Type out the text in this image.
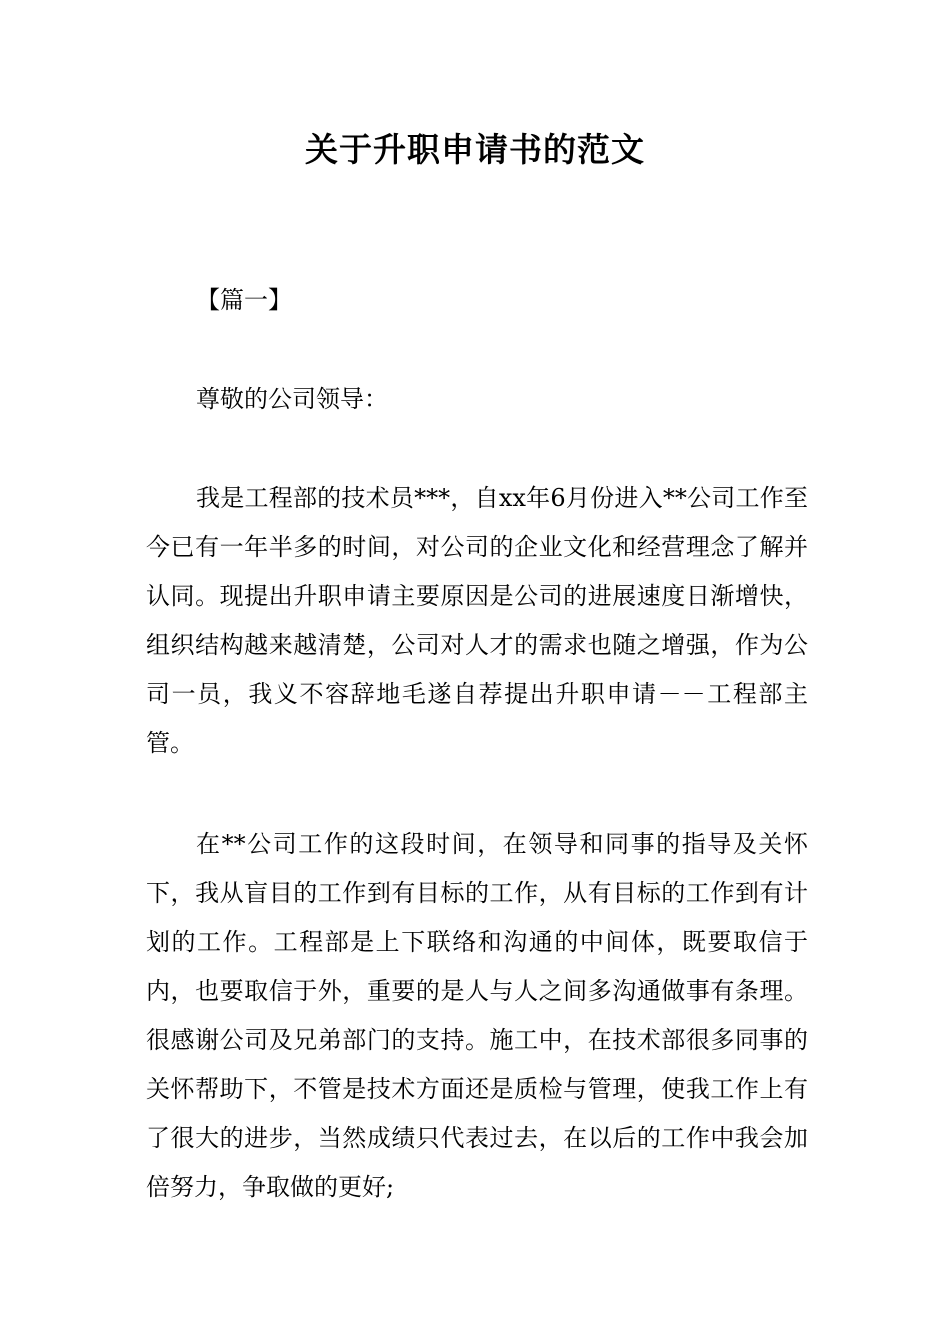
关于升职申请书的范文

【篇一】

尊敬的公司领导：

我是工程部的技术员***，自xx年6月份进入**公司工作至今已有一年半多的时间，对公司的企业文化和经营理念了解并认同。现提出升职申请主要原因是公司的进展速度日渐增快，组织结构越来越清楚，公司对人才的需求也随之增强，作为公司一员，我义不容辞地毛遂自荐提出升职申请－－工程部主管。

在**公司工作的这段时间，在领导和同事的指导及关怀下，我从盲目的工作到有目标的工作，从有目标的工作到有计划的工作。工程部是上下联络和沟通的中间体，既要取信于内，也要取信于外，重要的是人与人之间多沟通做事有条理。很感谢公司及兄弟部门的支持。施工中，在技术部很多同事的关怀帮助下，不管是技术方面还是质检与管理，使我工作上有了很大的进步，当然成绩只代表过去，在以后的工作中我会加倍努力，争取做的更好;
